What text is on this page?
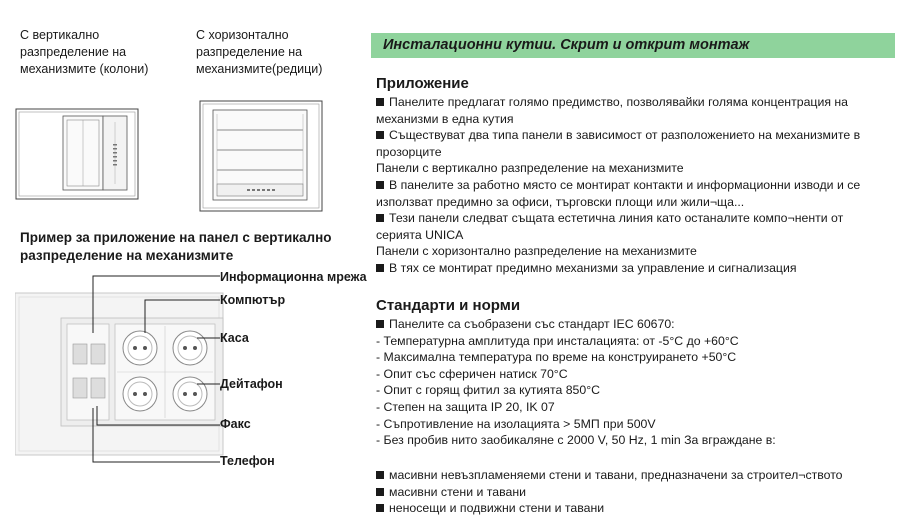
С вертикално
разпределение на
механизмите (колони)
С хоризонтално
разпределение на
механизмите(редици)
Пример за приложение на панел с вертикално
разпределение на механизмите
Информационна мрежа
Компютър
Каса
Дейтафон
Факс
Телефон
Инсталационни кутии. Скрит и открит монтаж
Приложение
Панелите предлагат голямо предимство, позволявайки голяма концентрация на
механизми в една кутия
Съществуват два типа панели в зависимост от разположението на механизмите в
прозорците
Панели с вертикално разпределение на механизмите
В панелите за работно място се монтират контакти и информационни изводи и се
използват предимно за офиси, търговски площи или жили¬ща...
Тези панели следват същата естетична линия като останалите компо¬ненти от
серията UNICA
Панели с хоризонтално разпределение на механизмите
В тях се монтират предимно механизми за управление и сигнализация
Стандарти и норми
Панелите са съобразени със стандарт IEC 60670:
- Температурна амплитуда при инсталацията: от -5°C до +60°C
- Максимална температура по време на конструирането +50°C
- Опит със сферичен натиск 70°C
- Опит с горящ фитил за кутията 850°C
- Степен на защита IP 20, IK 07
- Съпротивление на изолацията > 5МП при 500V
- Без пробив нито заобикаляне с 2000 V, 50 Hz, 1 min За вграждане в:
масивни невъзпламеняеми стени и тавани, предназначени за строител¬ството
масивни стени и тавани
неносещи и подвижни стени и тавани
